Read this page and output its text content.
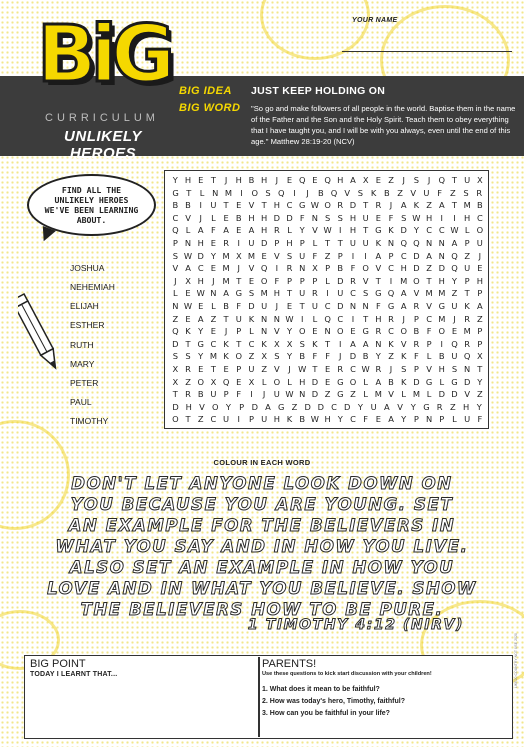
YOUR NAME
BiG
CURRICULUM
UNLIKELY HEROES
BIG IDEA JUST KEEP HOLDING ON
BIG WORD "So go and make followers of all people in the world. Baptise them in the name of the Father and the Son and the Holy Spirit. Teach them to obey everything that I have taught you, and I will be with you always, even until the end of this age." Matthew 28:19-20 (NCV)
FIND ALL THE UNLIKELY HEROES WE'VE BEEN LEARNING ABOUT.
JOSHUA
NEHEMIAH
ELIJAH
ESTHER
RUTH
MARY
PETER
PAUL
TIMOTHY
Y H E T	J	H B H	J	E Q E Q H A X E Z	J	S	J Q T U X
G T	L N M	I	O S Q	I	J	B Q V S K B Z V U F Z S R
B B	I	U T E V T H C G W O R D T R	J	A K Z A T M B
C V	J	L E B H H D D F N S S H U E F S W H	I	I	H C
Q L A F A E A H R L Y V W I	H T G K D Y C C W L O
P N H E R	I	U D P H P L T T U U K N Q Q N N A P U
S W D Y M X M E V S U F Z P	I	I	A P C D A N Q Z	J
V A C E M J	V Q I	R N X P B F O V C H D Z D Q U E
J	X H	J M T E O F P P P L D R V T	I M O T H Y P H
L E W N A G S M H T U R	I	U C S G Q A V M M Z T P
N W E L B F D U	J	E T U C D N N F G A R V G U K A
Z E A Z T U K N N W I	L Q C	I	T H R	J	P C M J	R Z
Q K Y E	J	P L N V Y O E N O E G R C O B F O E M P
D T G C K T C K X X S K T	I	A A N K V R P	I Q R P
S S Y M K O Z X S Y B F F	J D B Y Z K F L B U Q X
X R E T E P U Z V	J W T E R C W R	J	S P V H S N T
X Z O X Q E X L O L H D E G O L A B K D G L G D Y
T R B U P F	I	J	U W N D Z G Z L M V L M L D D V Z
D H V O Y P D A G Z D D C D Y U A V Y G R Z H Y
O T Z C U	I	P U H K B W H Y C F E A Y P N P L U F
COLOUR IN EACH WORD
DON'T LET ANYONE LOOK DOWN ON
YOU BECAUSE YOU ARE YOUNG. SET
AN EXAMPLE FOR THE BELIEVERS IN
WHAT YOU SAY AND IN HOW YOU LIVE.
ALSO SET AN EXAMPLE IN HOW YOU
LOVE AND IN WHAT YOU BELIEVE. SHOW
THE BELIEVERS HOW TO BE PURE.
1 TIMOTHY 4:12 (NIRV)
BIG POINT
TODAY I LEARNT THAT...
PARENTS!
Use these questions to kick start discussion with your children!
1. What does it mean to be faithful?
2. How was today's hero, Timothy, faithful?
3. How can you be faithful in your life?
LIKE20 COUNTRY NOT USE 2020
